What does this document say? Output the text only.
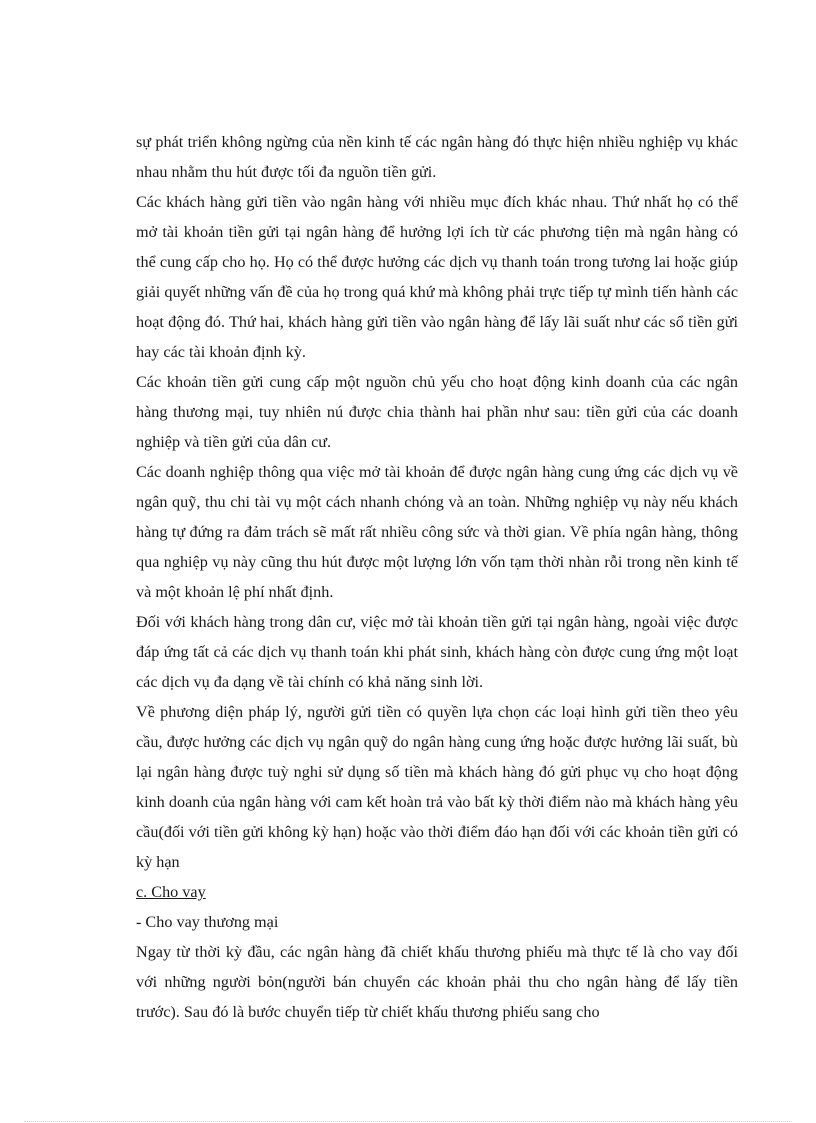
sự phát triển không ngừng của nền kinh tế các ngân hàng đó thực hiện nhiều nghiệp vụ khác nhau nhằm thu hút được tối đa nguồn tiền gửi.

Các khách hàng gửi tiền vào ngân hàng với nhiều mục đích khác nhau. Thứ nhất họ có thể mở tài khoản tiền gửi tại ngân hàng để hưởng lợi ích từ các phương tiện mà ngân hàng có thể cung cấp cho họ. Họ có thể được hưởng các dịch vụ thanh toán trong tương lai hoặc giúp giải quyết những vấn đề của họ trong quá khứ mà không phải trực tiếp tự mình tiến hành các hoạt động đó. Thứ hai, khách hàng gửi tiền vào ngân hàng để lấy lãi suất như các sổ tiền gửi hay các tài khoản định kỳ.

Các khoản tiền gửi cung cấp một nguồn chủ yếu cho hoạt động kinh doanh của các ngân hàng thương mại, tuy nhiên nú được chia thành hai phần như sau: tiền gửi của các doanh nghiệp và tiền gửi của dân cư.

Các doanh nghiệp thông qua việc mở tài khoản để được ngân hàng cung ứng các dịch vụ về ngân quỹ, thu chi tài vụ một cách nhanh chóng và an toàn. Những nghiệp vụ này nếu khách hàng tự đứng ra đảm trách sẽ mất rất nhiều công sức và thời gian. Về phía ngân hàng, thông qua nghiệp vụ này cũng thu hút được một lượng lớn vốn tạm thời nhàn rỗi trong nền kinh tế và một khoản lệ phí nhất định.

Đối với khách hàng trong dân cư, việc mở tài khoản tiền gửi tại ngân hàng, ngoài việc được đáp ứng tất cả các dịch vụ thanh toán khi phát sinh, khách hàng còn được cung ứng một loạt các dịch vụ đa dạng về tài chính có khả năng sinh lời.

Về phương diện pháp lý, người gửi tiền có quyền lựa chọn các loại hình gửi tiền theo yêu cầu, được hưởng các dịch vụ ngân quỹ do ngân hàng cung ứng hoặc được hưởng lãi suất, bù lại ngân hàng được tuỳ nghi sử dụng số tiền mà khách hàng đó gửi phục vụ cho hoạt động kinh doanh của ngân hàng với cam kết hoàn trả vào bất kỳ thời điểm nào mà khách hàng yêu cầu(đối với tiền gửi không kỳ hạn) hoặc vào thời điểm đáo hạn đối với các khoản tiền gửi có kỳ hạn

c. Cho vay

- Cho vay thương mại

Ngay từ thời kỳ đầu, các ngân hàng đã chiết khấu thương phiếu mà thực tế là cho vay đối với những người bỏn(người bán chuyển các khoản phải thu cho ngân hàng để lấy tiền trước). Sau đó là bước chuyển tiếp từ chiết khấu thương phiếu sang cho
